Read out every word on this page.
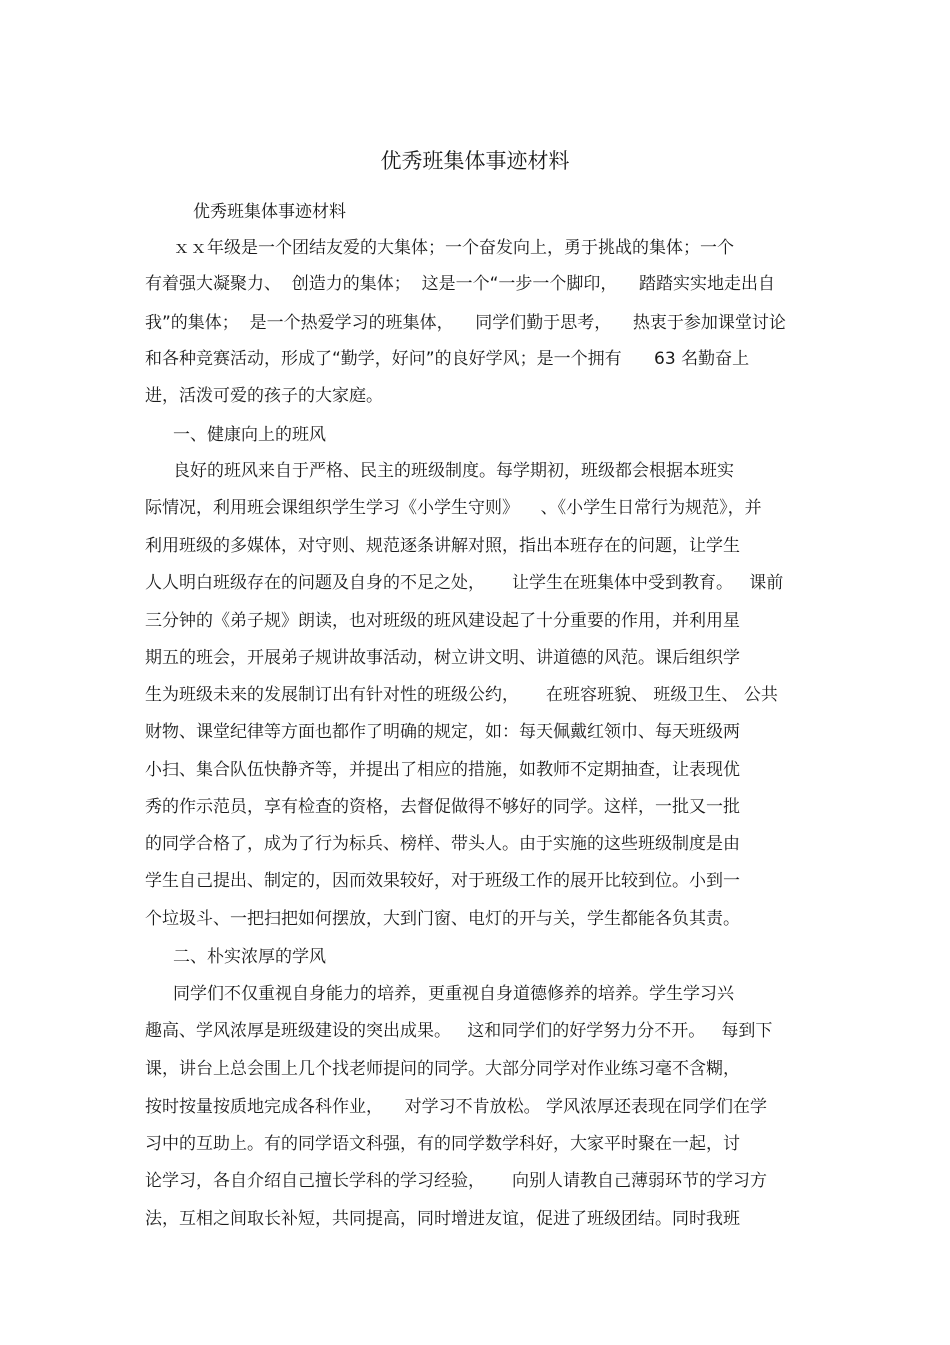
优秀班集体事迹材料
优秀班集体事迹材料
ｘｘ年级是一个团结友爱的大集体；一个奋发向上，勇于挑战的集体；一个
有着强大凝聚力、  创造力的集体；  这是一个“一步一个脚印，    踏踏实实地走出自
我”的集体；  是一个热爱学习的班集体，    同学们勤于思考，    热衷于参加课堂讨论
和各种竞赛活动，形成了“勤学，好问”的良好学风；是一个拥有      63 名勤奋上
进，活泼可爱的孩子的大家庭。
一、健康向上的班风
良好的班风来自于严格、民主的班级制度。每学期初，班级都会根据本班实
际情况，利用班会课组织学生学习《小学生守则》    、《小学生日常行为规范》，并
利用班级的多媒体，对守则、规范逐条讲解对照，指出本班存在的问题，让学生
人人明白班级存在的问题及自身的不足之处，     让学生在班集体中受到教育。   课前
三分钟的《弟子规》朗读，也对班级的班风建设起了十分重要的作用，并利用星
期五的班会，开展弟子规讲故事活动，树立讲文明、讲道德的风范。课后组织学
生为班级未来的发展制订出有针对性的班级公约，     在班容班貌、 班级卫生、 公共
财物、课堂纪律等方面也都作了明确的规定，如：每天佩戴红领巾、每天班级两
小扫、集合队伍快静齐等，并提出了相应的措施，如教师不定期抽查，让表现优
秀的作示范员，享有检查的资格，去督促做得不够好的同学。这样，一批又一批
的同学合格了，成为了行为标兵、榜样、带头人。由于实施的这些班级制度是由
学生自己提出、制定的，因而效果较好，对于班级工作的展开比较到位。小到一
个垃圾斗、一把扫把如何摆放，大到门窗、电灯的开与关，学生都能各负其责。
二、朴实浓厚的学风
同学们不仅重视自身能力的培养，更重视自身道德修养的培养。学生学习兴
趣高、学风浓厚是班级建设的突出成果。   这和同学们的好学努力分不开。   每到下
课，讲台上总会围上几个找老师提问的同学。大部分同学对作业练习毫不含糊，
按时按量按质地完成各科作业，    对学习不肯放松。 学风浓厚还表现在同学们在学
习中的互助上。有的同学语文科强，有的同学数学科好，大家平时聚在一起，讨
论学习，各自介绍自己擅长学科的学习经验，     向别人请教自己薄弱环节的学习方
法，互相之间取长补短，共同提高，同时增进友谊，促进了班级团结。同时我班
